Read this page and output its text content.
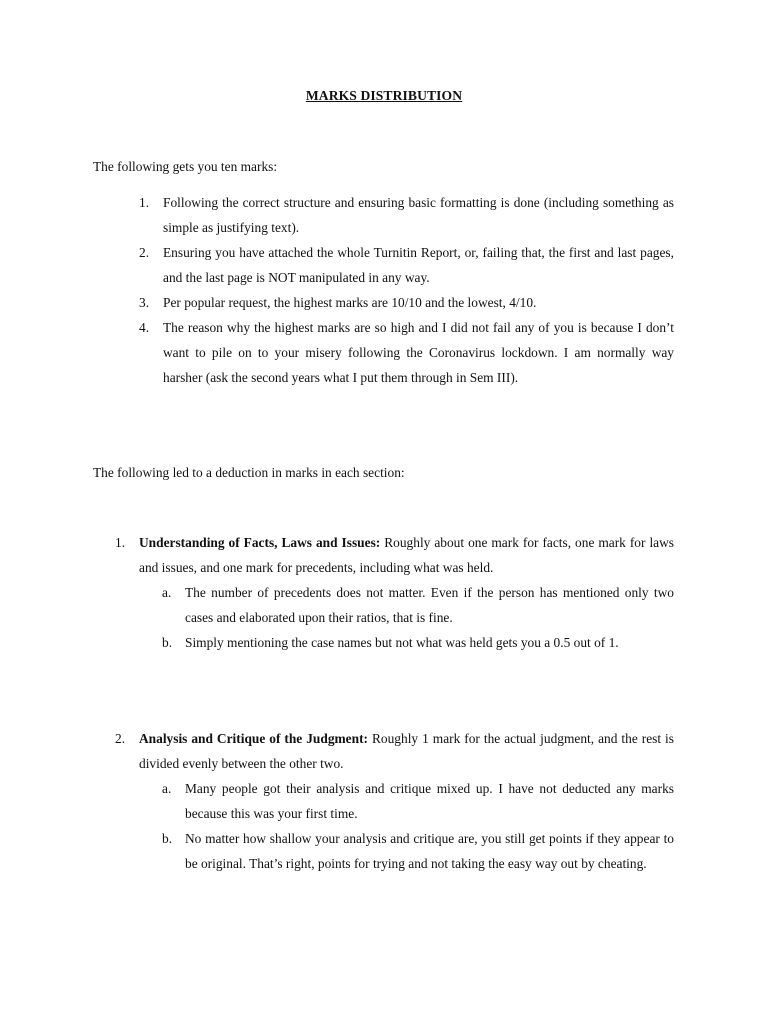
MARKS DISTRIBUTION

The following gets you ten marks:

1. Following the correct structure and ensuring basic formatting is done (including something as simple as justifying text).
2. Ensuring you have attached the whole Turnitin Report, or, failing that, the first and last pages, and the last page is NOT manipulated in any way.
3. Per popular request, the highest marks are 10/10 and the lowest, 4/10.
4. The reason why the highest marks are so high and I did not fail any of you is because I don’t want to pile on to your misery following the Coronavirus lockdown. I am normally way harsher (ask the second years what I put them through in Sem III).

The following led to a deduction in marks in each section:

1. Understanding of Facts, Laws and Issues: Roughly about one mark for facts, one mark for laws and issues, and one mark for precedents, including what was held.
a. The number of precedents does not matter. Even if the person has mentioned only two cases and elaborated upon their ratios, that is fine.
b. Simply mentioning the case names but not what was held gets you a 0.5 out of 1.
2. Analysis and Critique of the Judgment: Roughly 1 mark for the actual judgment, and the rest is divided evenly between the other two.
a. Many people got their analysis and critique mixed up. I have not deducted any marks because this was your first time.
b. No matter how shallow your analysis and critique are, you still get points if they appear to be original. That’s right, points for trying and not taking the easy way out by cheating.
